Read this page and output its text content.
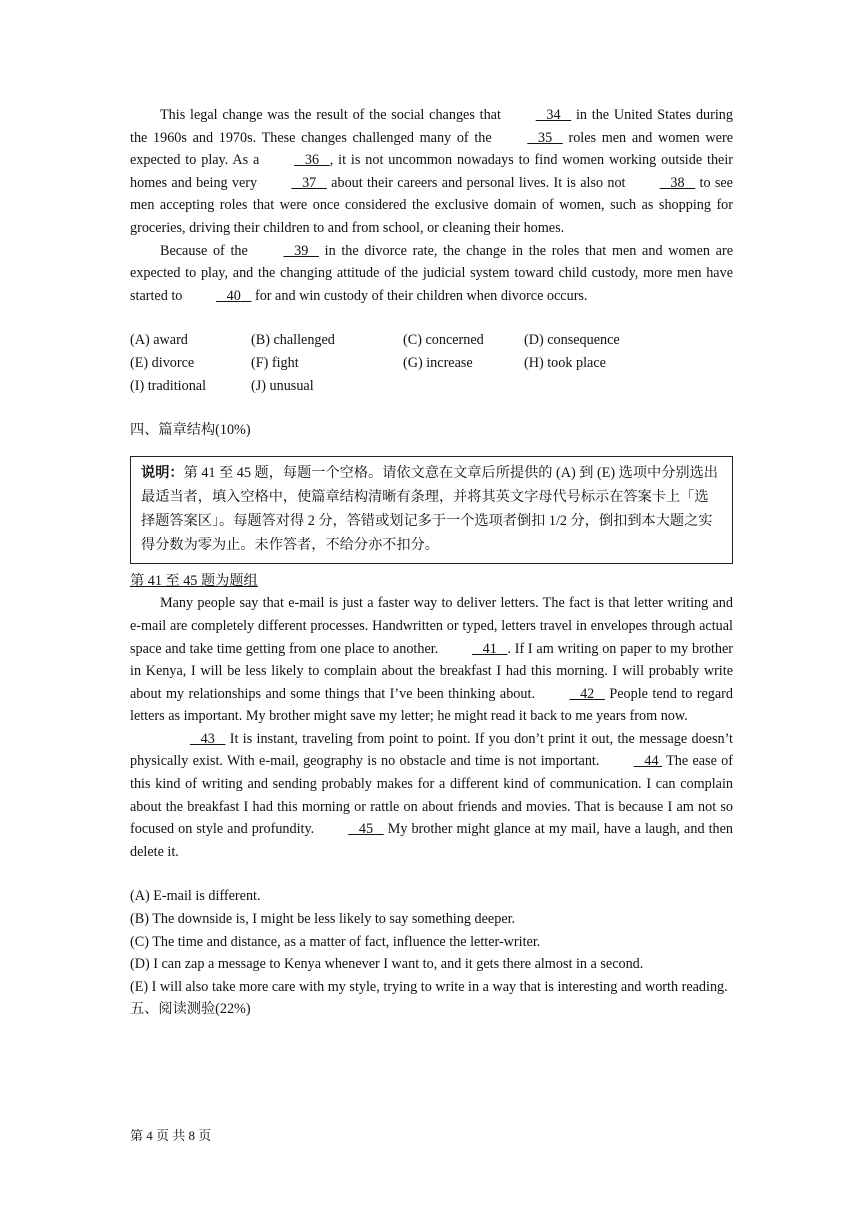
This legal change was the result of the social changes that	34    in the United States during the 1960s and 1970s. These changes challenged many of the	35    roles men and women were expected to play. As a	36 , it is not uncommon nowadays to find women working outside their homes and being very	37    about their careers and personal lives. It is also not	38    to see men accepting roles that were once considered the exclusive domain of women, such as shopping for groceries, driving their children to and from school, or cleaning their homes.

Because of the	39    in the divorce rate, the change in the roles that men and women are expected to play, and the changing attitude of the judicial system toward child custody, more men have started to	40    for and win custody of their children when divorce occurs.

(A) award	(B) challenged	(C) concerned	(D) consequence
(E) divorce	(F) fight	(G) increase	(H) took place
(I) traditional	(J) unusual

四、篇章结构(10%)

说明：第 41 至 45 题，每题一个空格。请依文意在文章后所提供的 (A) 到 (E) 选项中分别选出最适当者，填入空格中，使篇章结构清晰有条理，并将其英文字母代号标示在答案卡上「选择题答案区」。每题答对得 2 分，答错或划记多于一个选项者倒扣 1/2 分，倒扣到本大题之实得分数为零为止。未作答者，不给分亦不扣分。

第 41 至 45 题为题组

Many people say that e-mail is just a faster way to deliver letters. The fact is that letter writing and e-mail are completely different processes. Handwritten or typed, letters travel in envelopes through actual space and take time getting from one place to another.	41 . If I am writing on paper to my brother in Kenya, I will be less likely to complain about the breakfast I had this morning. I will probably write about my relationships and some things that I’ve been thinking about.	42    People tend to regard letters as important. My brother might save my letter; he might read it back to me years from now.

43    It is instant, traveling from point to point. If you don’t print it out, the message doesn’t physically exist. With e-mail, geography is no obstacle and time is not important.	44  The ease of this kind of writing and sending probably makes for a different kind of communication. I can complain about the breakfast I had this morning or rattle on about friends and movies. That is because I am not so focused on style and profundity.	45    My brother might glance at my mail, have a laugh, and then delete it.

(A) E-mail is different.

(B) The downside is, I might be less likely to say something deeper.

(C) The time and distance, as a matter of fact, influence the letter-writer.

(D) I can zap a message to Kenya whenever I want to, and it gets there almost in a second.

(E) I will also take more care with my style, trying to write in a way that is interesting and worth reading.

五、阅读测验(22%)

第 4 页 共 8 页
